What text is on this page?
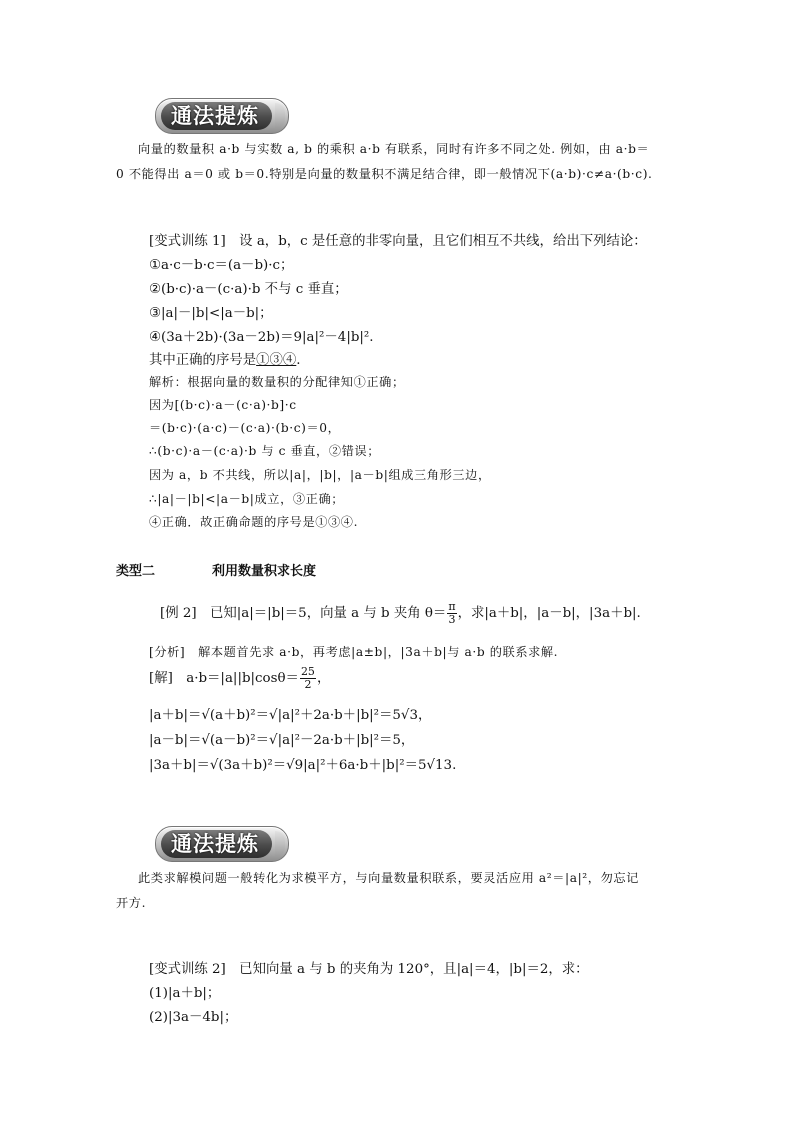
通法提炼
向量的数量积 a·b 与实数 a, b 的乘积 a·b 有联系，同时有许多不同之处. 例如，由 a·b＝
0 不能得出 a＝0 或 b＝0.特别是向量的数量积不满足结合律，即一般情况下(a·b)·c≠a·(b·c).
[变式训练 1]　设 a，b，c 是任意的非零向量，且它们相互不共线，给出下列结论：
①a·c－b·c＝(a－b)·c；
②(b·c)·a－(c·a)·b 不与 c 垂直；
③|a|－|b|<|a－b|；
④(3a＋2b)·(3a－2b)＝9|a|²－4|b|².
其中正确的序号是①③④.
解析：根据向量的数量积的分配律知①正确；
因为[(b·c)·a－(c·a)·b]·c
＝(b·c)·(a·c)－(c·a)·(b·c)＝0，
∴(b·c)·a－(c·a)·b 与 c 垂直，②错误；
因为 a，b 不共线，所以|a|，|b|，|a－b|组成三角形三边，
∴|a|－|b|<|a－b|成立，③正确；
④正确．故正确命题的序号是①③④.
类型二	利用数量积求长度
[例 2]　已知|a|＝|b|＝5，向量 a 与 b 夹角 $\theta= \frac{\pi}{3}$ ，求|a＋b|，|a－b|，|3a＋b|.
[分析]　解本题首先求 a·b，再考虑|a±b|，|3a＋b|与 a·b 的联系求解.
[解]　 $a\cdot b=|a||b|\cos\theta= \frac{25}{2}$ ，
|a＋b|＝√(a＋b)²＝√|a|²＋2a·b＋|b|²＝5√3，
|a－b|＝√(a－b)²＝√|a|²－2a·b＋|b|²＝5，
|3a＋b|＝√(3a＋b)²＝√9|a|²＋6a·b＋|b|²＝5√13.
通法提炼
此类求解模问题一般转化为求模平方，与向量数量积联系，要灵活应用 a²＝|a|²，勿忘记
开方.
[变式训练 2]　已知向量 a 与 b 的夹角为 120°，且|a|＝4，|b|＝2，求：
(1)|a＋b|；
(2)|3a－4b|；
